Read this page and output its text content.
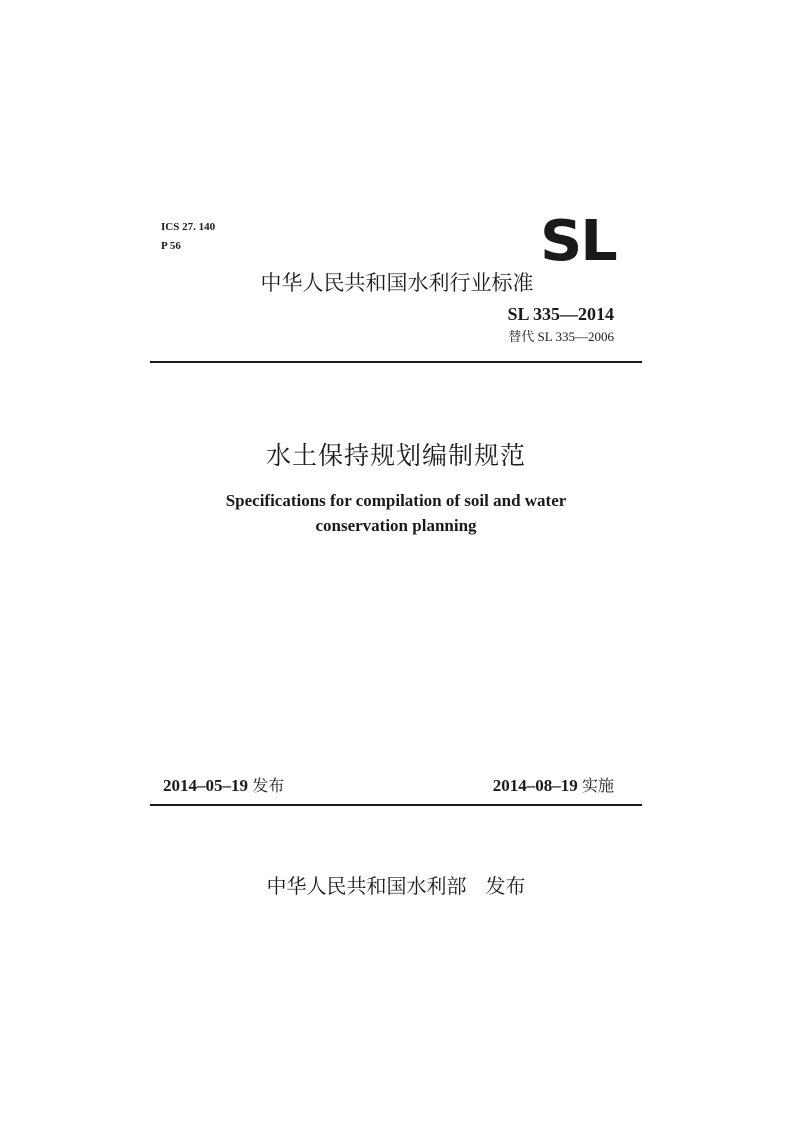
ICS 27. 140
P 56	SL
中华人民共和国水利行业标准
SL 335—2014
替代 SL 335—2006
水土保持规划编制规范
Specifications for compilation of soil and water
conservation planning
2014–05–19 发布	2014–08–19 实施
中华人民共和国水利部 发布
